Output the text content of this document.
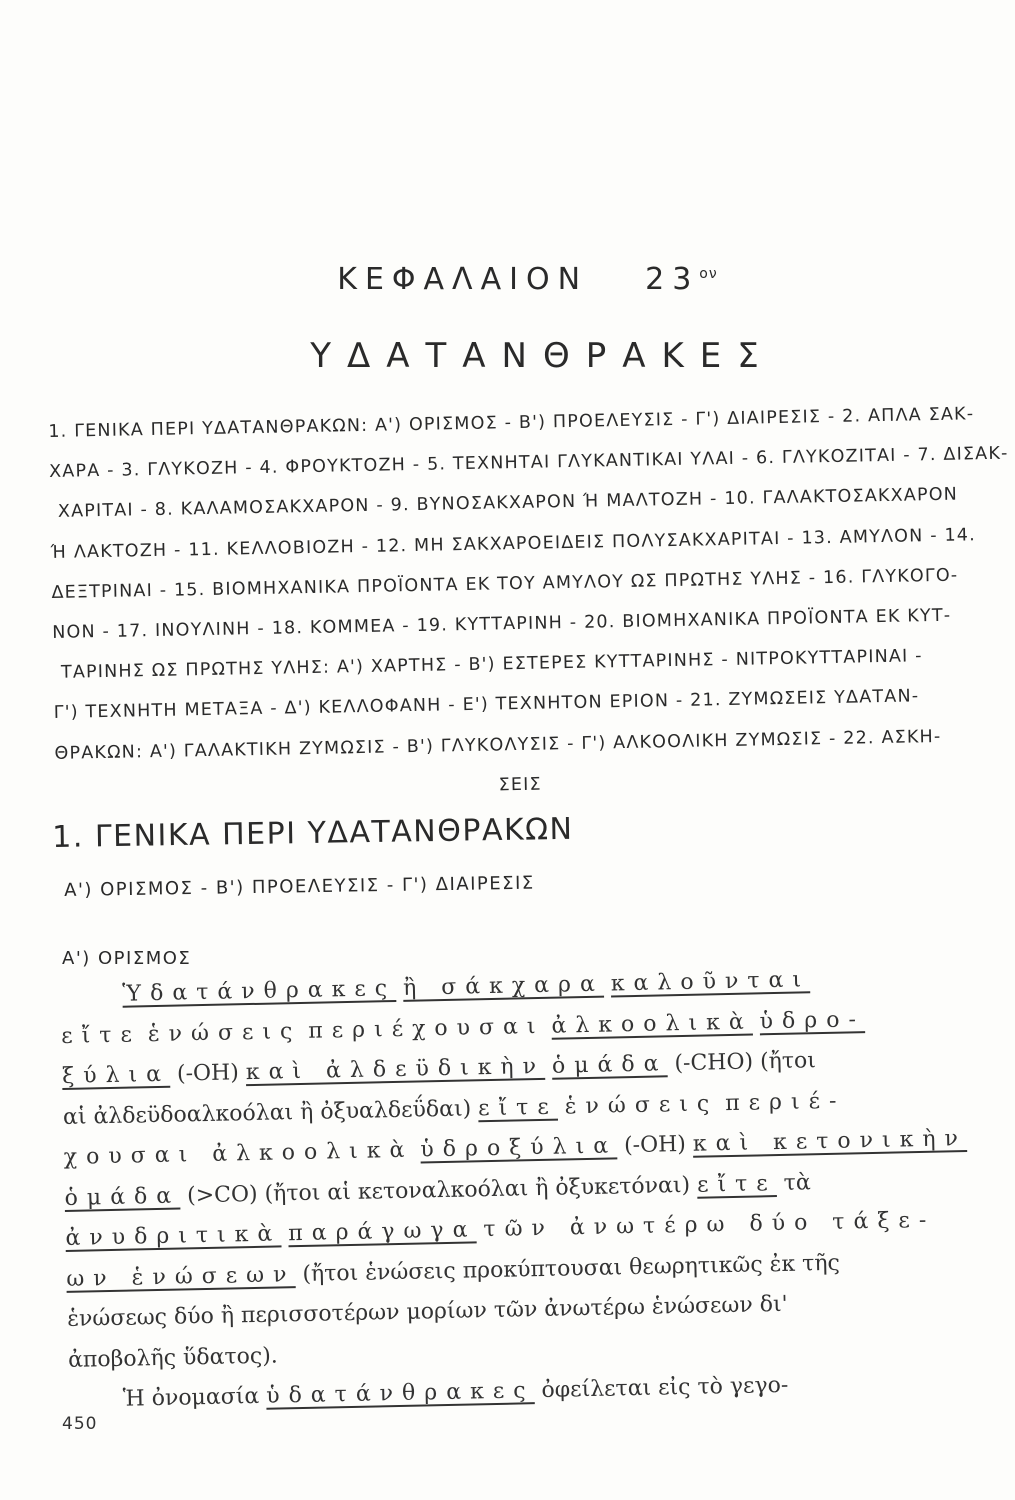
ΚΕΦΑΛΑΙΟΝ $23^{o\nu}$
ΥΔΑΤΑΝΘΡΑΚΕΣ
1. ΓΕΝΙΚΑ ΠΕΡΙ ΥΔΑΤΑΝΘΡΑΚΩΝ: Α') ΟΡΙΣΜΟΣ - Β') ΠΡΟΕΛΕΥΣΙΣ - Γ') ΔΙΑΙΡΕΣΙΣ - 2. ΑΠΛΑ ΣΑΚ-
ΧΑΡΑ - 3. ΓΛΥΚΟΖΗ - 4. ΦΡΟΥΚΤΟΖΗ - 5. ΤΕΧΝΗΤΑΙ ΓΛΥΚΑΝΤΙΚΑΙ ΥΛΑΙ - 6. ΓΛΥΚΟΖΙΤΑΙ - 7. ΔΙΣΑΚ-
ΧΑΡΙΤΑΙ - 8. ΚΑΛΑΜΟΣΑΚΧΑΡΟΝ - 9. ΒΥΝΟΣΑΚΧΑΡΟΝ Ή ΜΑΛΤΟΖΗ - 10. ΓΑΛΑΚΤΟΣΑΚΧΑΡΟΝ
Ή ΛΑΚΤΟΖΗ - 11. ΚΕΛΛΟΒΙΟΖΗ - 12. ΜΗ ΣΑΚΧΑΡΟΕΙΔΕΙΣ ΠΟΛΥΣΑΚΧΑΡΙΤΑΙ - 13. ΑΜΥΛΟΝ - 14.
ΔΕΞΤΡΙΝΑΙ - 15. ΒΙΟΜΗΧΑΝΙΚΑ ΠΡΟΪΟΝΤΑ ΕΚ ΤΟΥ ΑΜΥΛΟΥ ΩΣ ΠΡΩΤΗΣ ΥΛΗΣ - 16. ΓΛΥΚΟΓΟ-
ΝΟΝ - 17. ΙΝΟΥΛΙΝΗ - 18. ΚΟΜΜΕΑ - 19. ΚΥΤΤΑΡΙΝΗ - 20. ΒΙΟΜΗΧΑΝΙΚΑ ΠΡΟΪΟΝΤΑ ΕΚ ΚΥΤ-
ΤΑΡΙΝΗΣ ΩΣ ΠΡΩΤΗΣ ΥΛΗΣ: Α') ΧΑΡΤΗΣ - Β') ΕΣΤΕΡΕΣ ΚΥΤΤΑΡΙΝΗΣ - ΝΙΤΡΟΚΥΤΤΑΡΙΝΑΙ -
Γ') ΤΕΧΝΗΤΗ ΜΕΤΑΞΑ - Δ') ΚΕΛΛΟΦΑΝΗ - Ε') ΤΕΧΝΗΤΟΝ ΕΡΙΟΝ - 21. ΖΥΜΩΣΕΙΣ ΥΔΑΤΑΝ-
ΘΡΑΚΩΝ: Α') ΓΑΛΑΚΤΙΚΗ ΖΥΜΩΣΙΣ - Β') ΓΛΥΚΟΛΥΣΙΣ - Γ') ΑΛΚΟΟΛΙΚΗ ΖΥΜΩΣΙΣ - 22. ΑΣΚΗ-
ΣΕΙΣ
1. ΓΕΝΙΚΑ ΠΕΡΙ ΥΔΑΤΑΝΘΡΑΚΩΝ
Α') ΟΡΙΣΜΟΣ - Β') ΠΡΟΕΛΕΥΣΙΣ - Γ') ΔΙΑΙΡΕΣΙΣ
Α') ΟΡΙΣΜΟΣ
Ὑδατάνθρακες ἢ σάκχαρα καλοῦνται
εἴτε ἑνώσεις περιέχουσαι ἀλκοολικὰ ὑδρο-
ξύλια (-ΟΗ) καὶ ἀλδεϋδικὴν ὁμάδα (-CHO) (ἤτοι
αἱ ἀλδεϋδοαλκοόλαι ἢ ὀξυαλδεΰδαι) εἴτε ἑνώσεις περιέ-
χουσαι ἀλκοολικὰ ὑδροξύλια (-ΟΗ) καὶ κετονικὴν
ὁμάδα (>CO) (ἤτοι αἱ κετοναλκοόλαι ἢ ὀξυκετόναι) εἴτε τὰ
ἀνυδριτικὰ παράγωγα τῶν ἀνωτέρω δύο τάξε-
ων ἑνώσεων (ἤτοι ἑνώσεις προκύπτουσαι θεωρητικῶς ἐκ τῆς
ἑνώσεως δύο ἢ περισσοτέρων μορίων τῶν ἀνωτέρω ἑνώσεων δι'
ἀποβολῆς ὕδατος).
Ἡ ὀνομασία ὑδατάνθρακες ὀφείλεται εἰς τὸ γεγο-
450
